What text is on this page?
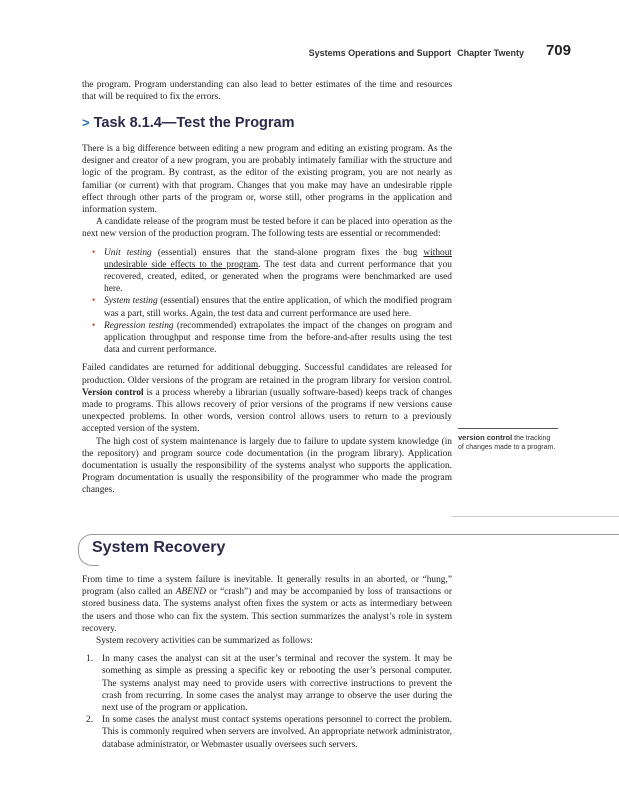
Systems Operations and Support Chapter Twenty 709

the program. Program understanding can also lead to better estimates of the time and resources that will be required to fix the errors.

> Task 8.1.4—Test the Program

There is a big difference between editing a new program and editing an existing program. As the designer and creator of a new program, you are probably intimately familiar with the structure and logic of the program. By contrast, as the editor of the existing program, you are not nearly as familiar (or current) with that program. Changes that you make may have an undesirable ripple effect through other parts of the program or, worse still, other programs in the application and information system.

A candidate release of the program must be tested before it can be placed into operation as the next new version of the production program. The following tests are essential or recommended:

• Unit testing (essential) ensures that the stand-alone program fixes the bug without undesirable side effects to the program. The test data and current performance that you recovered, created, edited, or generated when the programs were benchmarked are used here.
• System testing (essential) ensures that the entire application, of which the modified program was a part, still works. Again, the test data and current performance are used here.
• Regression testing (recommended) extrapolates the impact of the changes on program and application throughput and response time from the before-and-after results using the test data and current performance.

Failed candidates are returned for additional debugging. Successful candidates are released for production. Older versions of the program are retained in the program library for version control. Version control is a process whereby a librarian (usually software-based) keeps track of changes made to programs. This allows recovery of prior versions of the programs if new versions cause unexpected problems. In other words, version control allows users to return to a previously accepted version of the system.

The high cost of system maintenance is largely due to failure to update system knowledge (in the repository) and program source code documentation (in the program library). Application documentation is usually the responsibility of the systems analyst who supports the application. Program documentation is usually the responsibility of the programmer who made the program changes.

version control the tracking of changes made to a program.
System Recovery

From time to time a system failure is inevitable. It generally results in an aborted, or “hung,” program (also called an ABEND or “crash”) and may be accompanied by loss of transactions or stored business data. The systems analyst often fixes the system or acts as intermediary between the users and those who can fix the system. This section summarizes the analyst’s role in system recovery.

System recovery activities can be summarized as follows:

1. In many cases the analyst can sit at the user’s terminal and recover the system. It may be something as simple as pressing a specific key or rebooting the user’s personal computer. The systems analyst may need to provide users with corrective instructions to prevent the crash from recurring. In some cases the analyst may arrange to observe the user during the next use of the program or application.
2. In some cases the analyst must contact systems operations personnel to correct the problem. This is commonly required when servers are involved. An appropriate network administrator, database administrator, or Webmaster usually oversees such servers.
